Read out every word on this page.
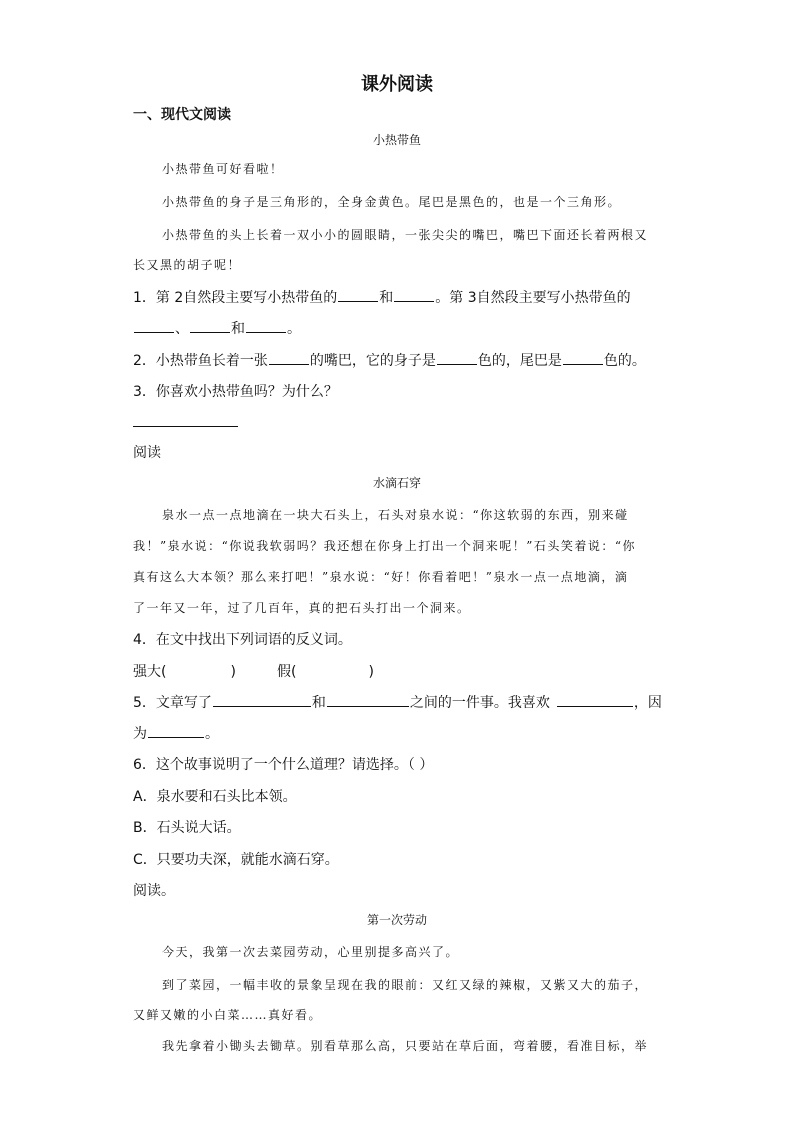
课外阅读
一、现代文阅读
小热带鱼
小热带鱼可好看啦！
小热带鱼的身子是三角形的，全身金黄色。尾巴是黑色的，也是一个三角形。
小热带鱼的头上长着一双小小的圆眼睛，一张尖尖的嘴巴，嘴巴下面还长着两根又
长又黑的胡子呢！
1．第 2自然段主要写小热带鱼的	和	。第 3自然段主要写小热带鱼的
、	和	。
2．小热带鱼长着一张	的嘴巴，它的身子是	色的，尾巴是	色的。
3．你喜欢小热带鱼吗？为什么？
阅读
水滴石穿
泉水一点一点地滴在一块大石头上，石头对泉水说：“你这软弱的东西，别来碰
我！”泉水说：“你说我软弱吗？我还想在你身上打出一个洞来呢！”石头笑着说：“你
真有这么大本领？那么来打吧！”泉水说：“好！你看着吧！”泉水一点一点地滴，滴
了一年又一年，过了几百年，真的把石头打出一个洞来。
4．在文中找出下列词语的反义词。
强大(	)	假(	)
5．文章写了	和	之间的一件事。我喜欢	，因
为	。
6．这个故事说明了一个什么道理？请选择。（ ）
A．泉水要和石头比本领。
B．石头说大话。
C．只要功夫深，就能水滴石穿。
阅读。
第一次劳动
今天，我第一次去菜园劳动，心里别提多高兴了。
到了菜园，一幅丰收的景象呈现在我的眼前：又红又绿的辣椒，又紫又大的茄子，
又鲜又嫩的小白菜……真好看。
我先拿着小锄头去锄草。别看草那么高，只要站在草后面，弯着腰，看准目标，举
